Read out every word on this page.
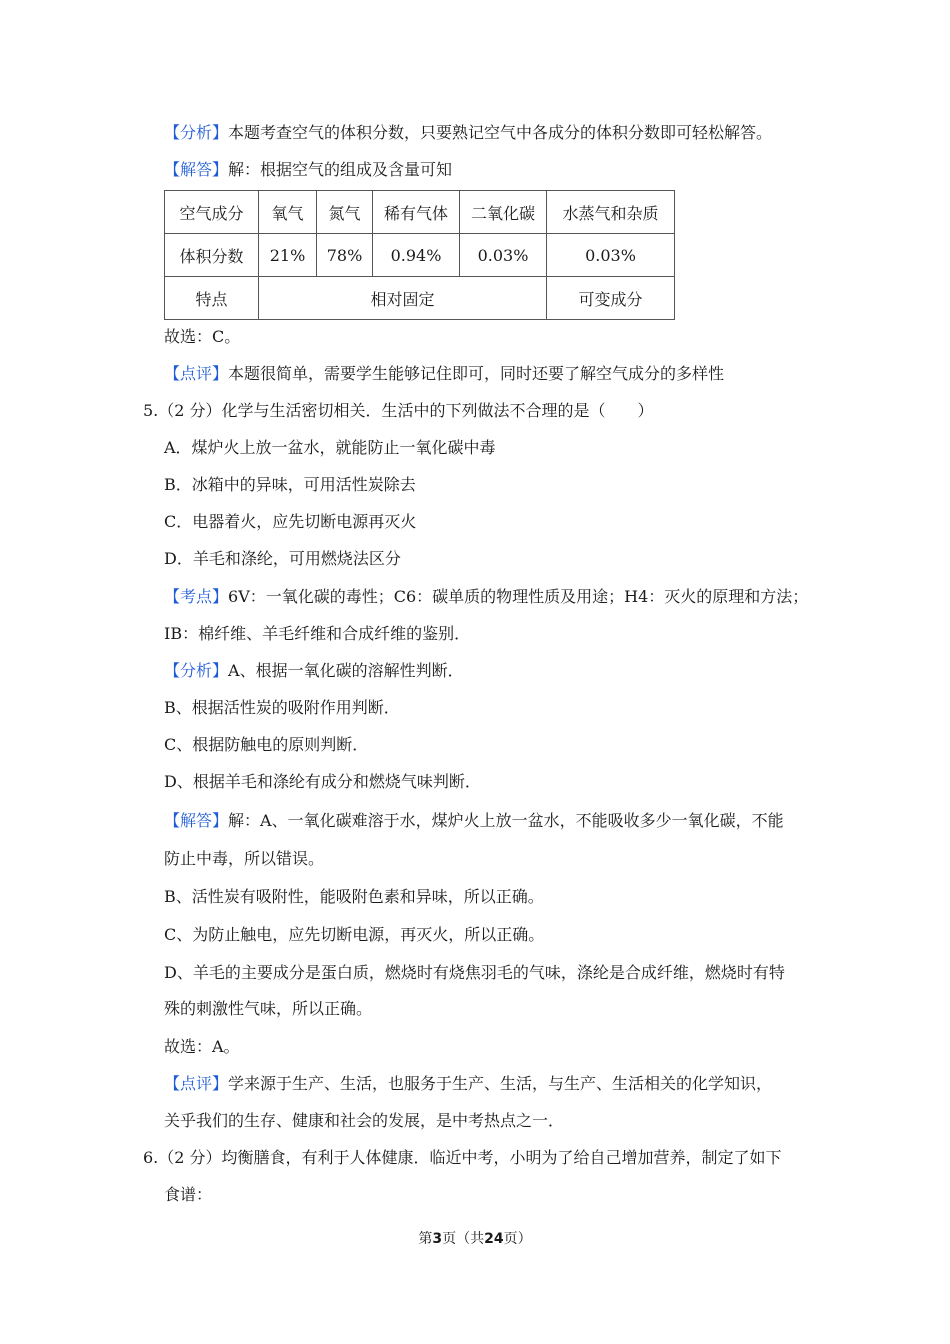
【分析】本题考查空气的体积分数，只要熟记空气中各成分的体积分数即可轻松解答。
【解答】解：根据空气的组成及含量可知
空气成分	氧气	氮气	稀有气体	二氧化碳	水蒸气和杂质
体积分数	21%	78%	0.94%	0.03%	0.03%
特点	相对固定				可变成分
故选：C。
【点评】本题很简单，需要学生能够记住即可，同时还要了解空气成分的多样性
5.（2 分）化学与生活密切相关．生活中的下列做法不合理的是（　　）
A．煤炉火上放一盆水，就能防止一氧化碳中毒
B．冰箱中的异味，可用活性炭除去
C．电器着火，应先切断电源再灭火
D．羊毛和涤纶，可用燃烧法区分
【考点】6V：一氧化碳的毒性；C6：碳单质的物理性质及用途；H4：灭火的原理和方法；
IB：棉纤维、羊毛纤维和合成纤维的鉴别．
【分析】A、根据一氧化碳的溶解性判断．
B、根据活性炭的吸附作用判断．
C、根据防触电的原则判断．
D、根据羊毛和涤纶有成分和燃烧气味判断．
【解答】解：A、一氧化碳难溶于水，煤炉火上放一盆水，不能吸收多少一氧化碳，不能
防止中毒，所以错误。
B、活性炭有吸附性，能吸附色素和异味，所以正确。
C、为防止触电，应先切断电源，再灭火，所以正确。
D、羊毛的主要成分是蛋白质，燃烧时有烧焦羽毛的气味，涤纶是合成纤维，燃烧时有特
殊的刺激性气味，所以正确。
故选：A。
【点评】学来源于生产、生活，也服务于生产、生活，与生产、生活相关的化学知识，
关乎我们的生存、健康和社会的发展，是中考热点之一．
6.（2 分）均衡膳食，有利于人体健康．临近中考，小明为了给自己增加营养，制定了如下
食谱：
第3页（共24页）
